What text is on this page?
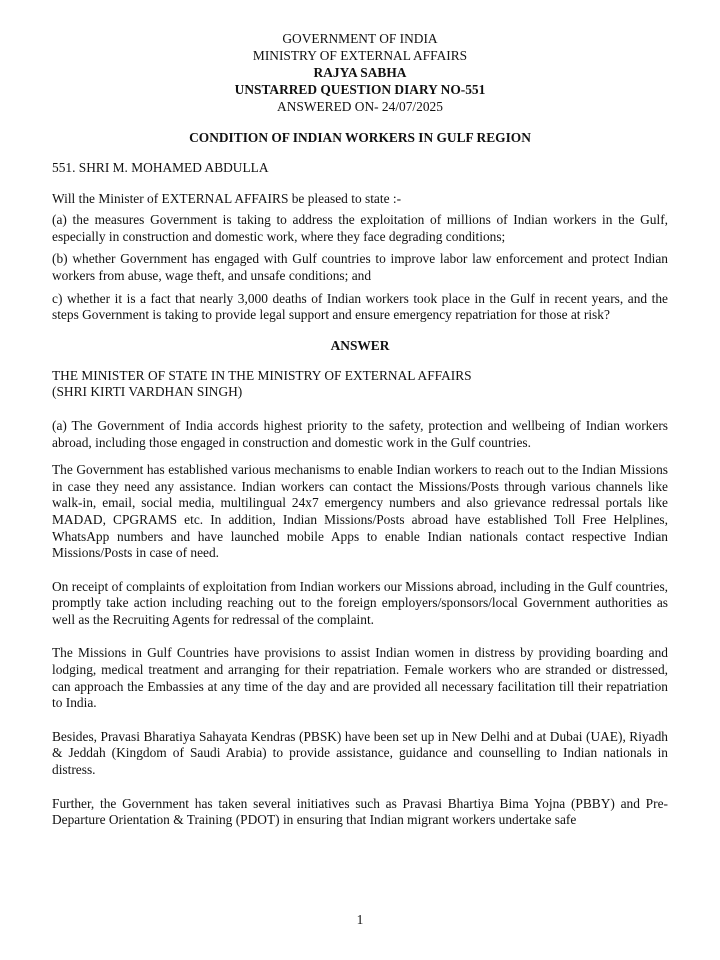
GOVERNMENT OF INDIA
MINISTRY OF EXTERNAL AFFAIRS
RAJYA SABHA
UNSTARRED QUESTION DIARY NO-551
ANSWERED ON- 24/07/2025
CONDITION OF INDIAN WORKERS IN GULF REGION

551. SHRI M. MOHAMED ABDULLA

Will the Minister of EXTERNAL AFFAIRS be pleased to state :-

(a) the measures Government is taking to address the exploitation of millions of Indian workers in the Gulf, especially in construction and domestic work, where they face degrading conditions;

(b) whether Government has engaged with Gulf countries to improve labor law enforcement and protect Indian workers from abuse, wage theft, and unsafe conditions; and

c) whether it is a fact that nearly 3,000 deaths of Indian workers took place in the Gulf in recent years, and the steps Government is taking to provide legal support and ensure emergency repatriation for those at risk?

ANSWER

THE MINISTER OF STATE IN THE MINISTRY OF EXTERNAL AFFAIRS

(SHRI KIRTI VARDHAN SINGH)

(a) The Government of India accords highest priority to the safety, protection and wellbeing of Indian workers abroad, including those engaged in construction and domestic work in the Gulf countries.

The Government has established various mechanisms to enable Indian workers to reach out to the Indian Missions in case they need any assistance. Indian workers can contact the Missions/Posts through various channels like walk-in, email, social media, multilingual 24x7 emergency numbers and also grievance redressal portals like MADAD, CPGRAMS etc. In addition, Indian Missions/Posts abroad have established Toll Free Helplines, WhatsApp numbers and have launched mobile Apps to enable Indian nationals contact respective Indian Missions/Posts in case of need.

On receipt of complaints of exploitation from Indian workers our Missions abroad, including in the Gulf countries, promptly take action including reaching out to the foreign employers/sponsors/local Government authorities as well as the Recruiting Agents for redressal of the complaint.

The Missions in Gulf Countries have provisions to assist Indian women in distress by providing boarding and lodging, medical treatment and arranging for their repatriation. Female workers who are stranded or distressed, can approach the Embassies at any time of the day and are provided all necessary facilitation till their repatriation to India.

Besides, Pravasi Bharatiya Sahayata Kendras (PBSK) have been set up in New Delhi and at Dubai (UAE), Riyadh & Jeddah (Kingdom of Saudi Arabia) to provide assistance, guidance and counselling to Indian nationals in distress.

Further, the Government has taken several initiatives such as Pravasi Bhartiya Bima Yojna (PBBY) and Pre-Departure Orientation & Training (PDOT) in ensuring that Indian migrant workers undertake safe

1
